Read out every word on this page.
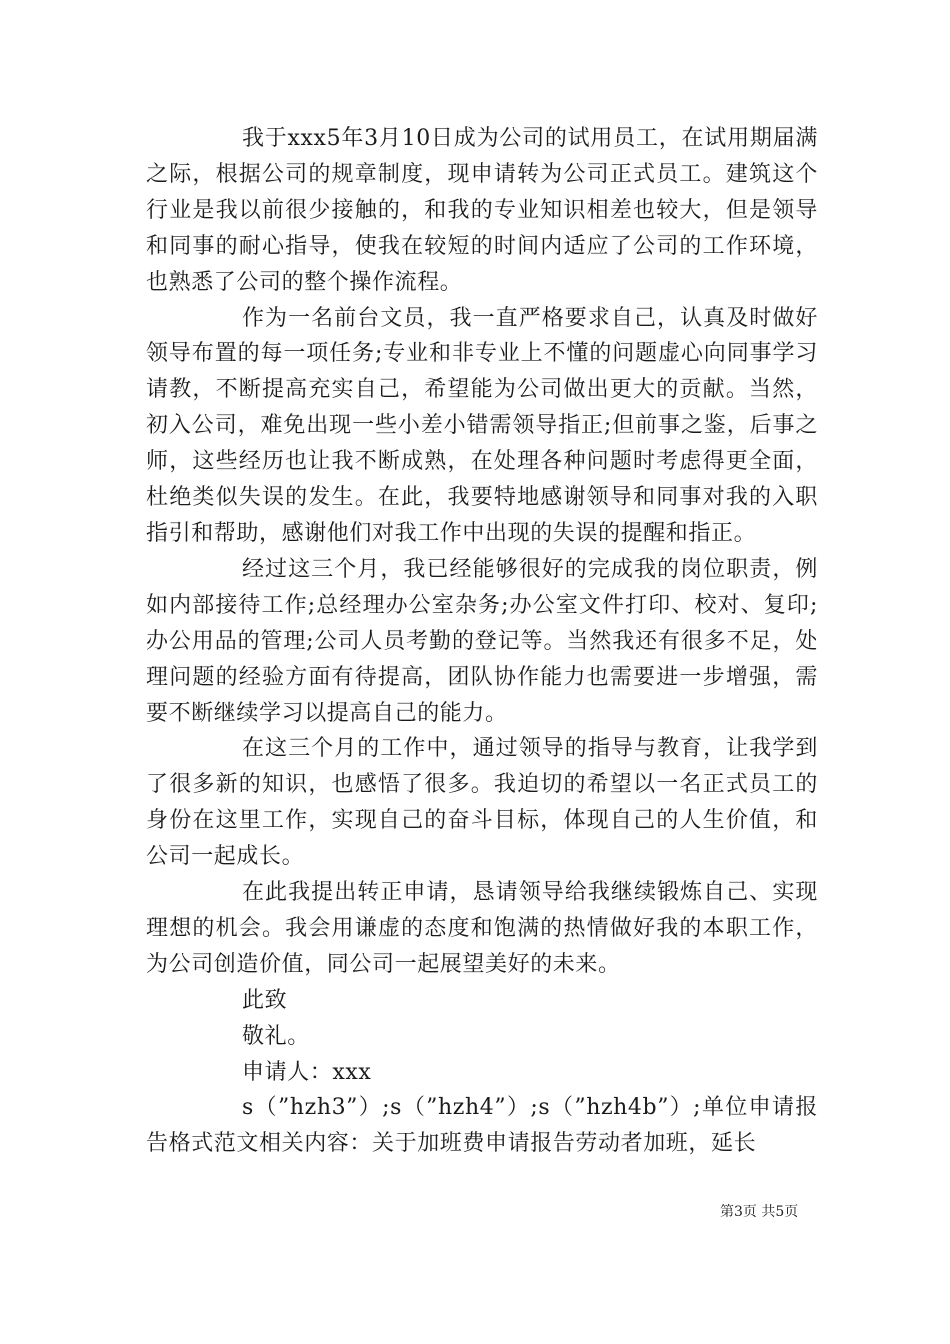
我于xxx5年3月10日成为公司的试用员工，在试用期届满之际，根据公司的规章制度，现申请转为公司正式员工。建筑这个行业是我以前很少接触的，和我的专业知识相差也较大，但是领导和同事的耐心指导，使我在较短的时间内适应了公司的工作环境，也熟悉了公司的整个操作流程。

作为一名前台文员，我一直严格要求自己，认真及时做好领导布置的每一项任务;专业和非专业上不懂的问题虚心向同事学习请教，不断提高充实自己，希望能为公司做出更大的贡献。当然，初入公司，难免出现一些小差小错需领导指正;但前事之鉴，后事之师，这些经历也让我不断成熟，在处理各种问题时考虑得更全面，杜绝类似失误的发生。在此，我要特地感谢领导和同事对我的入职指引和帮助，感谢他们对我工作中出现的失误的提醒和指正。

经过这三个月，我已经能够很好的完成我的岗位职责，例如内部接待工作;总经理办公室杂务;办公室文件打印、校对、复印;办公用品的管理;公司人员考勤的登记等。当然我还有很多不足，处理问题的经验方面有待提高，团队协作能力也需要进一步增强，需要不断继续学习以提高自己的能力。

在这三个月的工作中，通过领导的指导与教育，让我学到了很多新的知识，也感悟了很多。我迫切的希望以一名正式员工的身份在这里工作，实现自己的奋斗目标，体现自己的人生价值，和公司一起成长。

在此我提出转正申请，恳请领导给我继续锻炼自己、实现理想的机会。我会用谦虚的态度和饱满的热情做好我的本职工作，为公司创造价值，同公司一起展望美好的未来。

此致

敬礼。

申请人：xxx

s（”hzh3”）;s（”hzh4”）;s（”hzh4b”）;单位申请报告格式范文相关内容：关于加班费申请报告劳动者加班，延长

第3页 共5页
